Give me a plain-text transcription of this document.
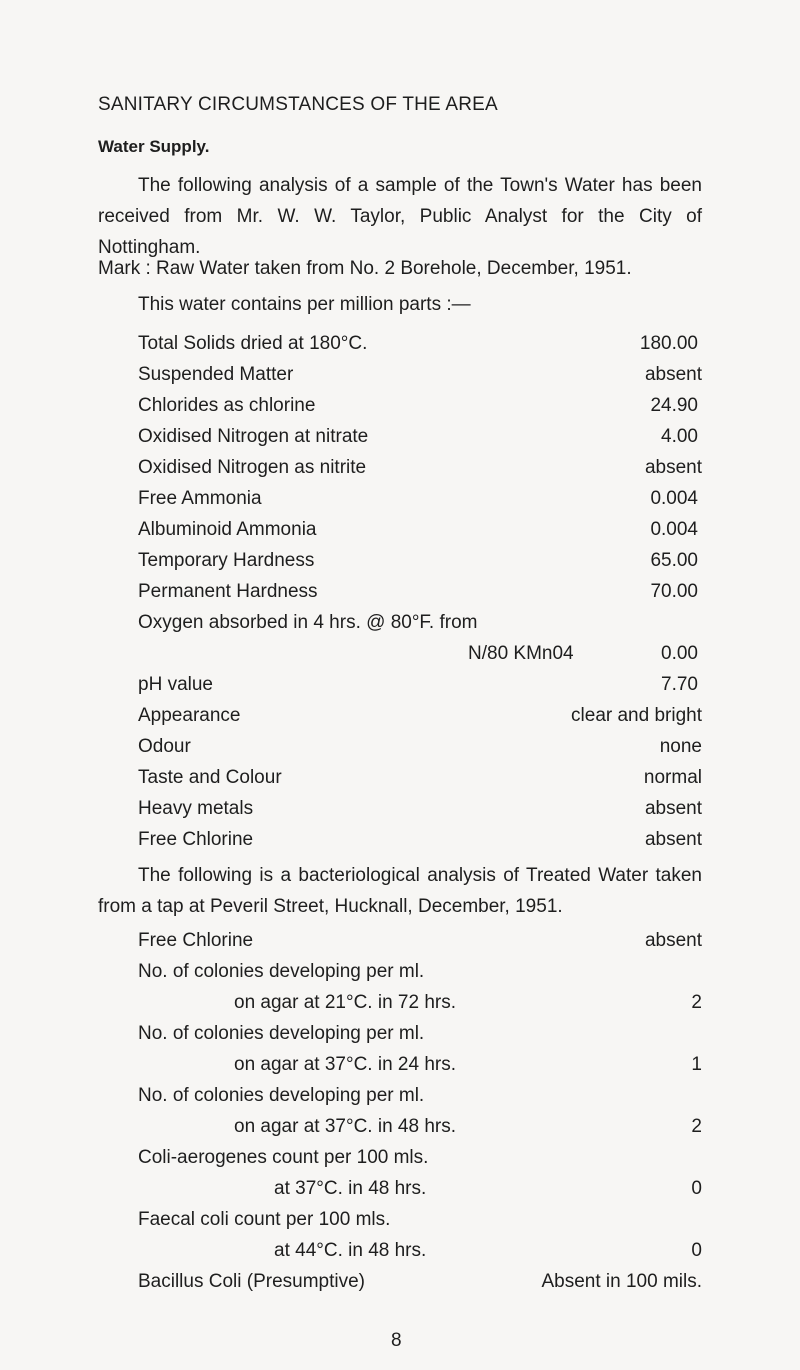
SANITARY CIRCUMSTANCES OF THE AREA
Water Supply.
The following analysis of a sample of the Town's Water has been received from Mr. W. W. Taylor, Public Analyst for the City of Nottingham.
Mark : Raw Water taken from No. 2 Borehole, December, 1951.
This water contains per million parts :—
Total Solids dried at 180°C.	180.00
Suspended Matter	absent
Chlorides as chlorine	24.90
Oxidised Nitrogen at nitrate	4.00
Oxidised Nitrogen as nitrite	absent
Free Ammonia	0.004
Albuminoid Ammonia	0.004
Temporary Hardness	65.00
Permanent Hardness	70.00
Oxygen absorbed in 4 hrs. @ 80°F. from
N/80 KMn04	0.00
pH value	7.70
Appearance	clear and bright
Odour	none
Taste and Colour	normal
Heavy metals	absent
Free Chlorine	absent
The following is a bacteriological analysis of Treated Water taken from a tap at Peveril Street, Hucknall, December, 1951.
Free Chlorine	absent
No. of colonies developing per ml.
on agar at 21°C. in 72 hrs.	2
No. of colonies developing per ml.
on agar at 37°C. in 24 hrs.	1
No. of colonies developing per ml.
on agar at 37°C. in 48 hrs.	2
Coli-aerogenes count per 100 mls.
at 37°C. in 48 hrs.	0
Faecal coli count per 100 mls.
at 44°C. in 48 hrs.	0
Bacillus Coli (Presumptive)	Absent in 100 mils.
8
